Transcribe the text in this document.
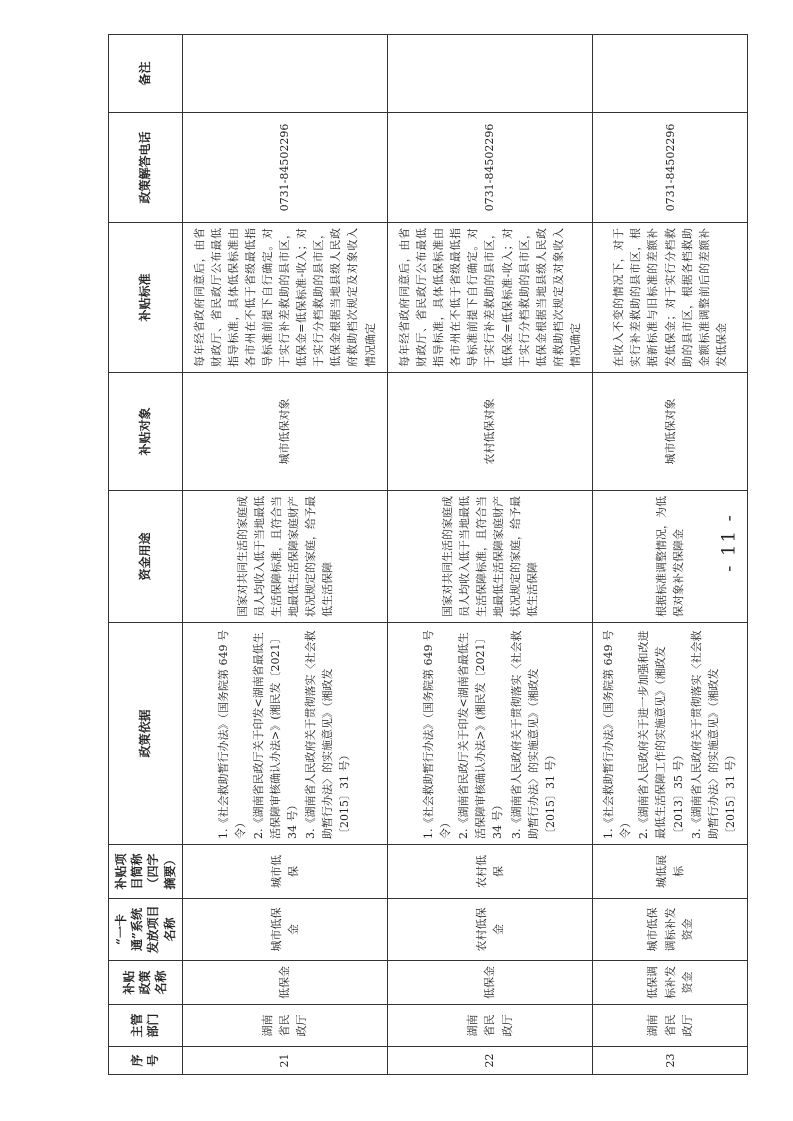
序号	主管部门	补贴政策名称	“一卡通”系统发放项目名称	补贴项目简称（四字摘要）	政策依据	资金用途	补贴对象	补贴标准	政策解答电话	备注
21	湖南省民政厅	低保金	城市低保金	城市低保	1.《社会救助暂行办法》（国务院第 649 号令） 2.《湖南省民政厅关于印发<湖南省最低生活保障审核确认办法>》(湘民发〔2021〕34 号） 3.《湖南省人民政府关于贯彻落实〈社会救助暂行办法〉的实施意见》（湘政发〔2015〕31 号）	国家对共同生活的家庭成员人均收入低于当地最低生活保障标准，且符合当地最低生活保障家庭财产状况规定的家庭，给予最低生活保障	城市低保对象	每年经省政府同意后，由省财政厅、省民政厅公布最低指导标准，具体低保标准由各市州在不低于省级最低指导标准前提下自行确定。对于实行补差救助的县市区，低保金=低保标准-收入；对于实行分档救助的县市区，低保金根据当地县级人民政府救助档次规定及对象收入情况确定	0731-84502296	
22	湖南省民政厅	低保金	农村低保金	农村低保	1.《社会救助暂行办法》（国务院第 649 号令） 2.《湖南省民政厅关于印发<湖南省最低生活保障审核确认办法>》(湘民发〔2021〕34 号） 3.《湖南省人民政府关于贯彻落实〈社会救助暂行办法〉的实施意见》（湘政发〔2015〕31 号）	国家对共同生活的家庭成员人均收入低于当地最低生活保障标准，且符合当地最低生活保障家庭财产状况规定的家庭，给予最低生活保障	农村低保对象	每年经省政府同意后，由省财政厅、省民政厅公布最低指导标准，具体低保标准由各市州在不低于省级最低指导标准前提下自行确定。对于实行补差救助的县市区，低保金=低保标准-收入；对于实行分档救助的县市区，低保金根据当地县级人民政府救助档次规定及对象收入情况确定	0731-84502296	
23	湖南省民政厅	低保调标补发资金	城市低保调标补发资金	城低展标	1.《社会救助暂行办法》（国务院第 649 号令） 2.《湖南省人民政府关于进一步加强和改进最低生活保障工作的实施意见》（湘政发〔2013〕35 号） 3.《湖南省人民政府关于贯彻落实〈社会救助暂行办法〉的实施意见》（湘政发〔2015〕31 号）	根据标准调整情况，为低保对象补发保障金	城市低保对象	在收入不变的情况下，对于实行补差救助的县市区，根据新标准与旧标准的差额补发低保金；对于实行分档救助的县市区，根据各档救助金额标准调整前后的差额补发低保金	0731-84502296	
- 11 -
